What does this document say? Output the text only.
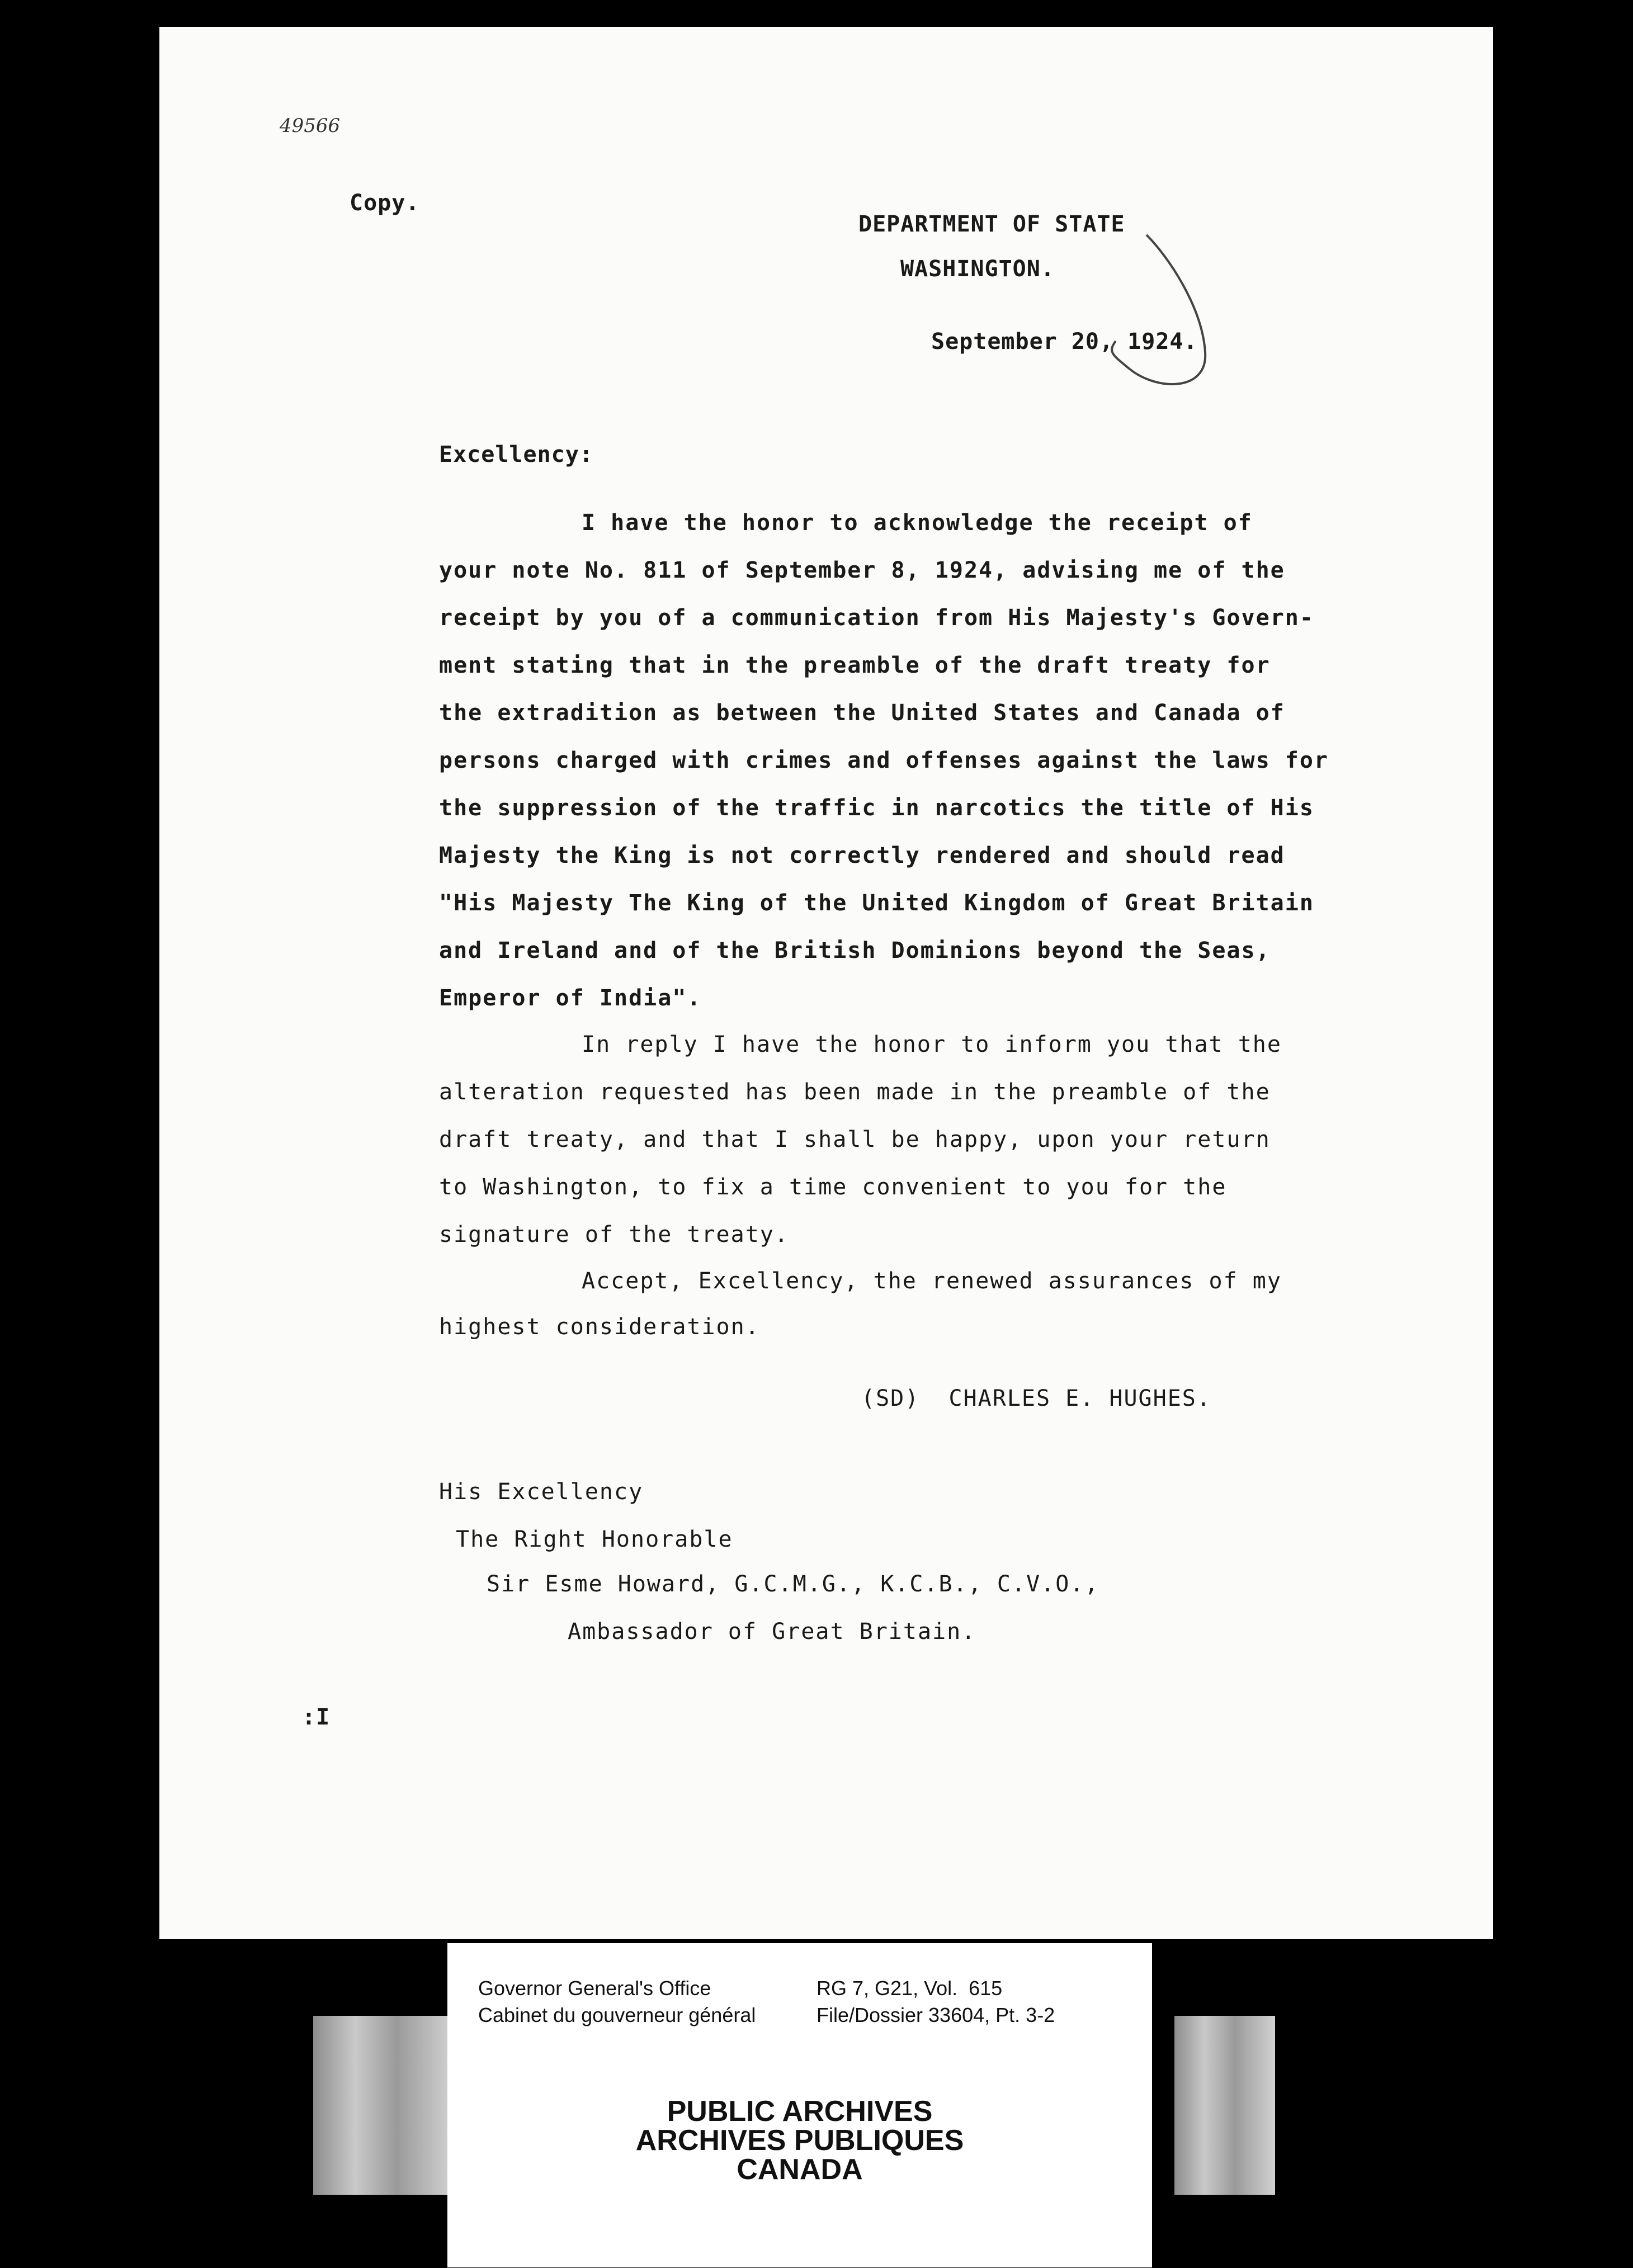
49566
Copy.
DEPARTMENT OF STATE
WASHINGTON.
September 20, 1924.
Excellency:
I have the honor to acknowledge the receipt of
your note No. 811 of September 8, 1924, advising me of the
receipt by you of a communication from His Majesty's Govern-
ment stating that in the preamble of the draft treaty for
the extradition as between the United States and Canada of
persons charged with crimes and offenses against the laws for
the suppression of the traffic in narcotics the title of His
Majesty the King is not correctly rendered and should read
"His Majesty The King of the United Kingdom of Great Britain
and Ireland and of the British Dominions beyond the Seas,
Emperor of India".
In reply I have the honor to inform you that the
alteration requested has been made in the preamble of the
draft treaty, and that I shall be happy, upon your return
to Washington, to fix a time convenient to you for the
signature of the treaty.
Accept, Excellency, the renewed assurances of my
highest consideration.
(SD)  CHARLES E. HUGHES.
His Excellency
The Right Honorable
Sir Esme Howard, G.C.M.G., K.C.B., C.V.O.,
Ambassador of Great Britain.
:I
Governor General's Office
Cabinet du gouverneur général
RG 7, G21, Vol.  615
File/Dossier 33604, Pt. 3-2
PUBLIC ARCHIVES
ARCHIVES PUBLIQUES
CANADA
